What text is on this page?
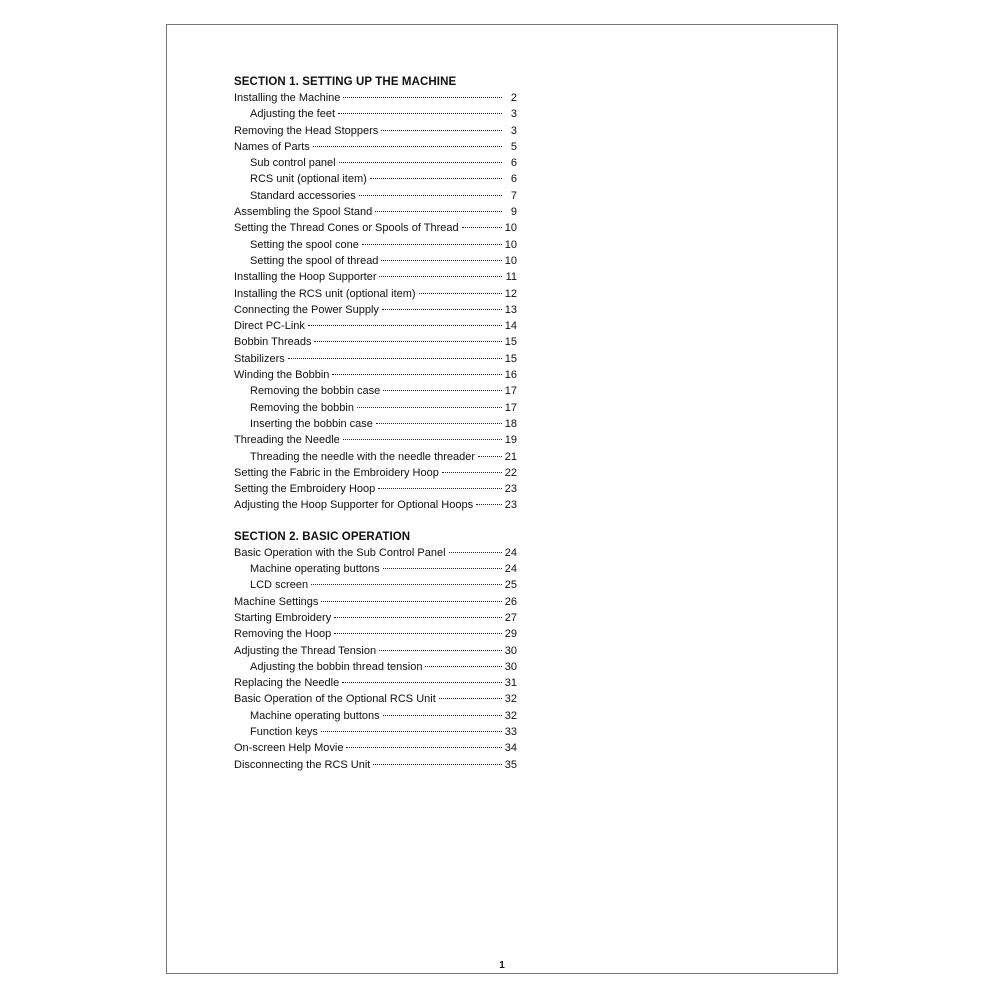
SECTION 1. SETTING UP THE MACHINE
Installing the Machine	2
Adjusting the feet	3
Removing the Head Stoppers	3
Names of Parts	5
Sub control panel	6
RCS unit (optional item)	6
Standard accessories	7
Assembling the Spool Stand	9
Setting the Thread Cones or Spools of Thread	10
Setting the spool cone	10
Setting the spool of thread	10
Installing the Hoop Supporter	11
Installing the RCS unit (optional item)	12
Connecting the Power Supply	13
Direct PC-Link	14
Bobbin Threads	15
Stabilizers	15
Winding the Bobbin	16
Removing the bobbin case	17
Removing the bobbin	17
Inserting the bobbin case	18
Threading the Needle	19
Threading the needle with the needle threader	21
Setting the Fabric in the Embroidery Hoop	22
Setting the Embroidery Hoop	23
Adjusting the Hoop Supporter for Optional Hoops	23
SECTION 2. BASIC OPERATION
Basic Operation with the Sub Control Panel	24
Machine operating buttons	24
LCD screen	25
Machine Settings	26
Starting Embroidery	27
Removing the Hoop	29
Adjusting the Thread Tension	30
Adjusting the bobbin thread tension	30
Replacing the Needle	31
Basic Operation of the Optional RCS Unit	32
Machine operating buttons	32
Function keys	33
On-screen Help Movie	34
Disconnecting the RCS Unit	35
1
